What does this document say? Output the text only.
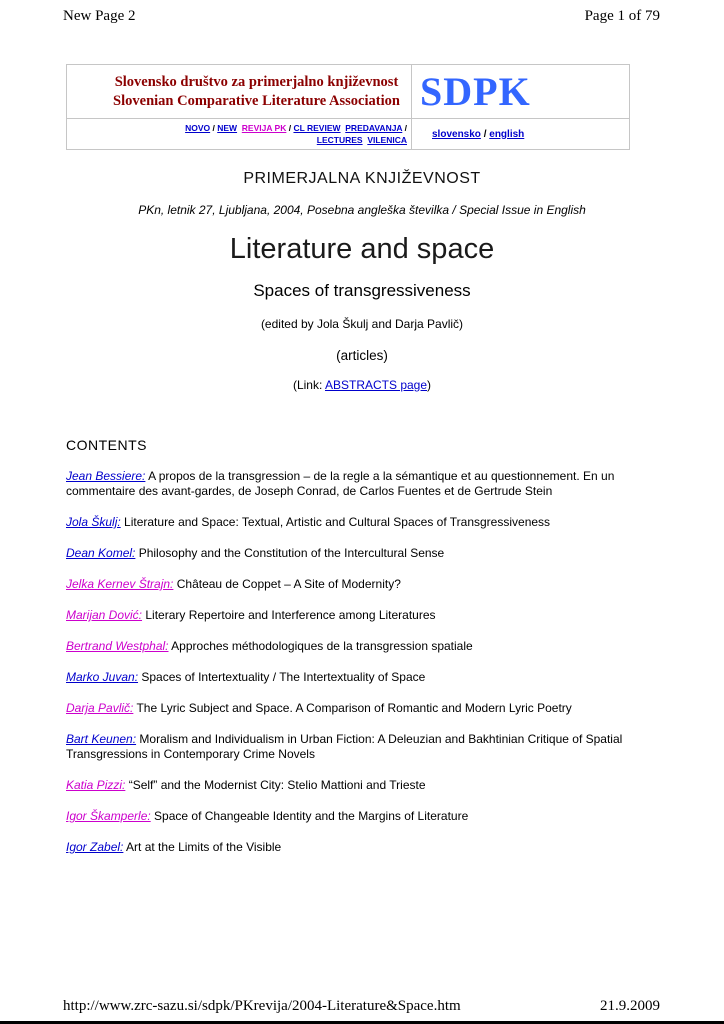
New Page 2	Page 1 of 79
Slovensko društvo za primerjalno književnost
Slovenian Comparative Literature Association	SDPK

NOVO / NEW REVIJA PK / CL REVIEW PREDAVANJA /
LECTURES VILENICA	slovensko / english
PRIMERJALNA KNJIŽEVNOST
PKn, letnik 27, Ljubljana, 2004, Posebna angleška številka / Special Issue in English
Literature and space
Spaces of transgressiveness
(edited by Jola Škulj and Darja Pavlič)
(articles)
(Link: ABSTRACTS page)
CONTENTS

Jean Bessiere: A propos de la transgression – de la regle a la sémantique et au questionnement. En un commentaire des avant-gardes, de Joseph Conrad, de Carlos Fuentes et de Gertrude Stein

Jola Škulj: Literature and Space: Textual, Artistic and Cultural Spaces of Transgressiveness

Dean Komel: Philosophy and the Constitution of the Intercultural Sense

Jelka Kernev Štrajn: Château de Coppet – A Site of Modernity?

Marijan Dović: Literary Repertoire and Interference among Literatures

Bertrand Westphal: Approches méthodologiques de la transgression spatiale

Marko Juvan: Spaces of Intertextuality / The Intertextuality of Space

Darja Pavlič: The Lyric Subject and Space. A Comparison of Romantic and Modern Lyric Poetry

Bart Keunen: Moralism and Individualism in Urban Fiction: A Deleuzian and Bakhtinian Critique of Spatial Transgressions in Contemporary Crime Novels

Katia Pizzi: “Self” and the Modernist City: Stelio Mattioni and Trieste

Igor Škamperle: Space of Changeable Identity and the Margins of Literature

Igor Zabel: Art at the Limits of the Visible

http://www.zrc-sazu.si/sdpk/PKrevija/2004-Literature&Space.htm	21.9.2009
